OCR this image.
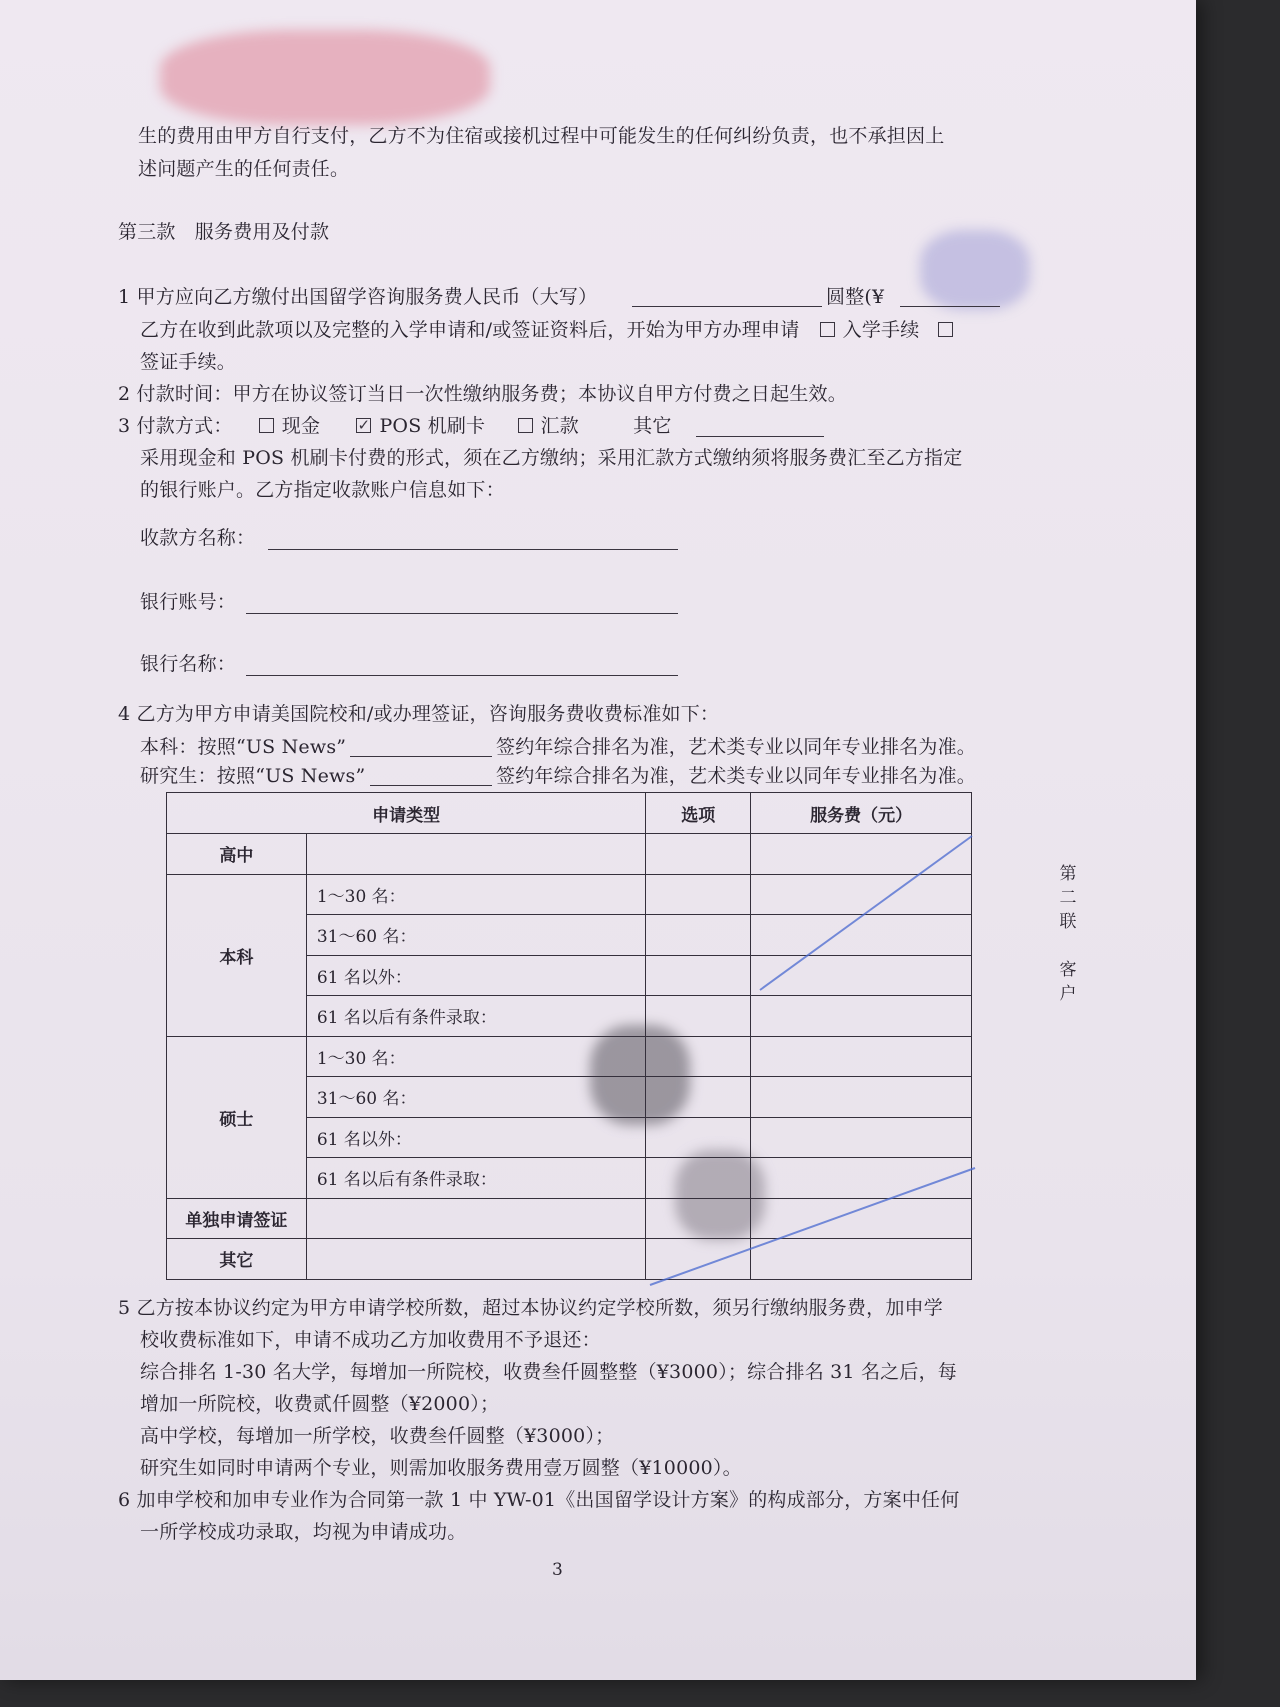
生的费用由甲方自行支付，乙方不为住宿或接机过程中可能发生的任何纠纷负责，也不承担因上
述问题产生的任何责任。
第三款　服务费用及付款
1 甲方应向乙方缴付出国留学咨询服务费人民币（大写）	圆整(¥
乙方在收到此款项以及完整的入学申请和/或签证资料后，开始为甲方办理申请 入学手续
签证手续。
2 付款时间：甲方在协议签订当日一次性缴纳服务费；本协议自甲方付费之日起生效。
3 付款方式：	现金 ✓	POS 机刷卡	汇款	其它
采用现金和 POS 机刷卡付费的形式，须在乙方缴纳；采用汇款方式缴纳须将服务费汇至乙方指定
的银行账户。乙方指定收款账户信息如下：
收款方名称：
银行账号：
银行名称：
4 乙方为甲方申请美国院校和/或办理签证，咨询服务费收费标准如下：
本科：按照“US News”	签约年综合排名为准，艺术类专业以同年专业排名为准。
研究生：按照“US News”	签约年综合排名为准，艺术类专业以同年专业排名为准。
申请类型		选项	服务费（元）
高中			
本科	1～30 名：		
	31～60 名：		
	61 名以外：		
	61 名以后有条件录取：		
硕士	1～30 名：		
	31～60 名：		
	61 名以外：		
	61 名以后有条件录取：		
单独申请签证			
其它			
第
二
联
客
户
5 乙方按本协议约定为甲方申请学校所数，超过本协议约定学校所数，须另行缴纳服务费，加申学
校收费标准如下，申请不成功乙方加收费用不予退还：
综合排名 1-30 名大学，每增加一所院校，收费叁仟圆整整（¥3000）；综合排名 31 名之后，每
增加一所院校，收费贰仟圆整（¥2000）；
高中学校，每增加一所学校，收费叁仟圆整（¥3000）；
研究生如同时申请两个专业，则需加收服务费用壹万圆整（¥10000）。
6 加申学校和加申专业作为合同第一款 1 中 YW-01《出国留学设计方案》的构成部分，方案中任何
一所学校成功录取，均视为申请成功。
3
